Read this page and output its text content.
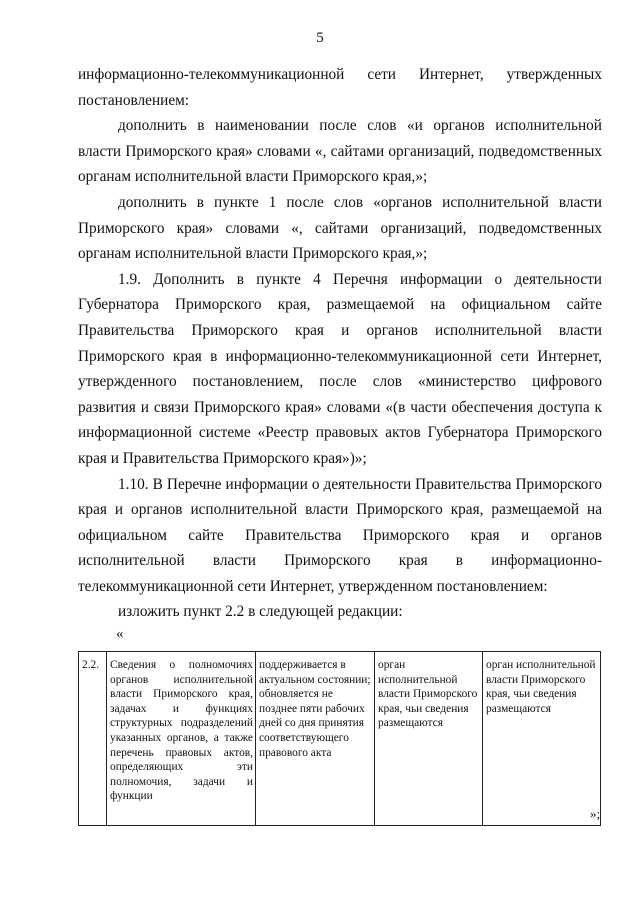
5

информационно-телекоммуникационной сети Интернет, утвержденных постановлением:

дополнить в наименовании после слов «и органов исполнительной власти Приморского края» словами «, сайтами организаций, подведомственных органам исполнительной власти Приморского края,»;

дополнить в пункте 1 после слов «органов исполнительной власти Приморского края» словами «, сайтами организаций, подведомственных органам исполнительной власти Приморского края,»;

1.9. Дополнить в пункте 4 Перечня информации о деятельности Губернатора Приморского края, размещаемой на официальном сайте Правительства Приморского края и органов исполнительной власти Приморского края в информационно-телекоммуникационной сети Интернет, утвержденного постановлением, после слов «министерство цифрового развития и связи Приморского края» словами «(в части обеспечения доступа к информационной системе «Реестр правовых актов Губернатора Приморского края и Правительства Приморского края»)»;

1.10. В Перечне информации о деятельности Правительства Приморского края и органов исполнительной власти Приморского края, размещаемой на официальном сайте Правительства Приморского края и органов исполнительной власти Приморского края в информационно-телекоммуникационной сети Интернет, утвержденном постановлением:

изложить пункт 2.2 в следующей редакции:

«
2.2.	Сведения о полномочиях органов исполнительной власти Приморского края, задачах и функциях структурных подразделений указанных органов, а также перечень правовых актов, определяющих эти полномочия, задачи и функции	поддерживается в актуальном состоянии; обновляется не позднее пяти рабочих дней со дня принятия соответствующего правового акта	орган исполнительной власти Приморского края, чьи сведения размещаются	орган исполнительной власти Приморского края, чьи сведения размещаются
»;
